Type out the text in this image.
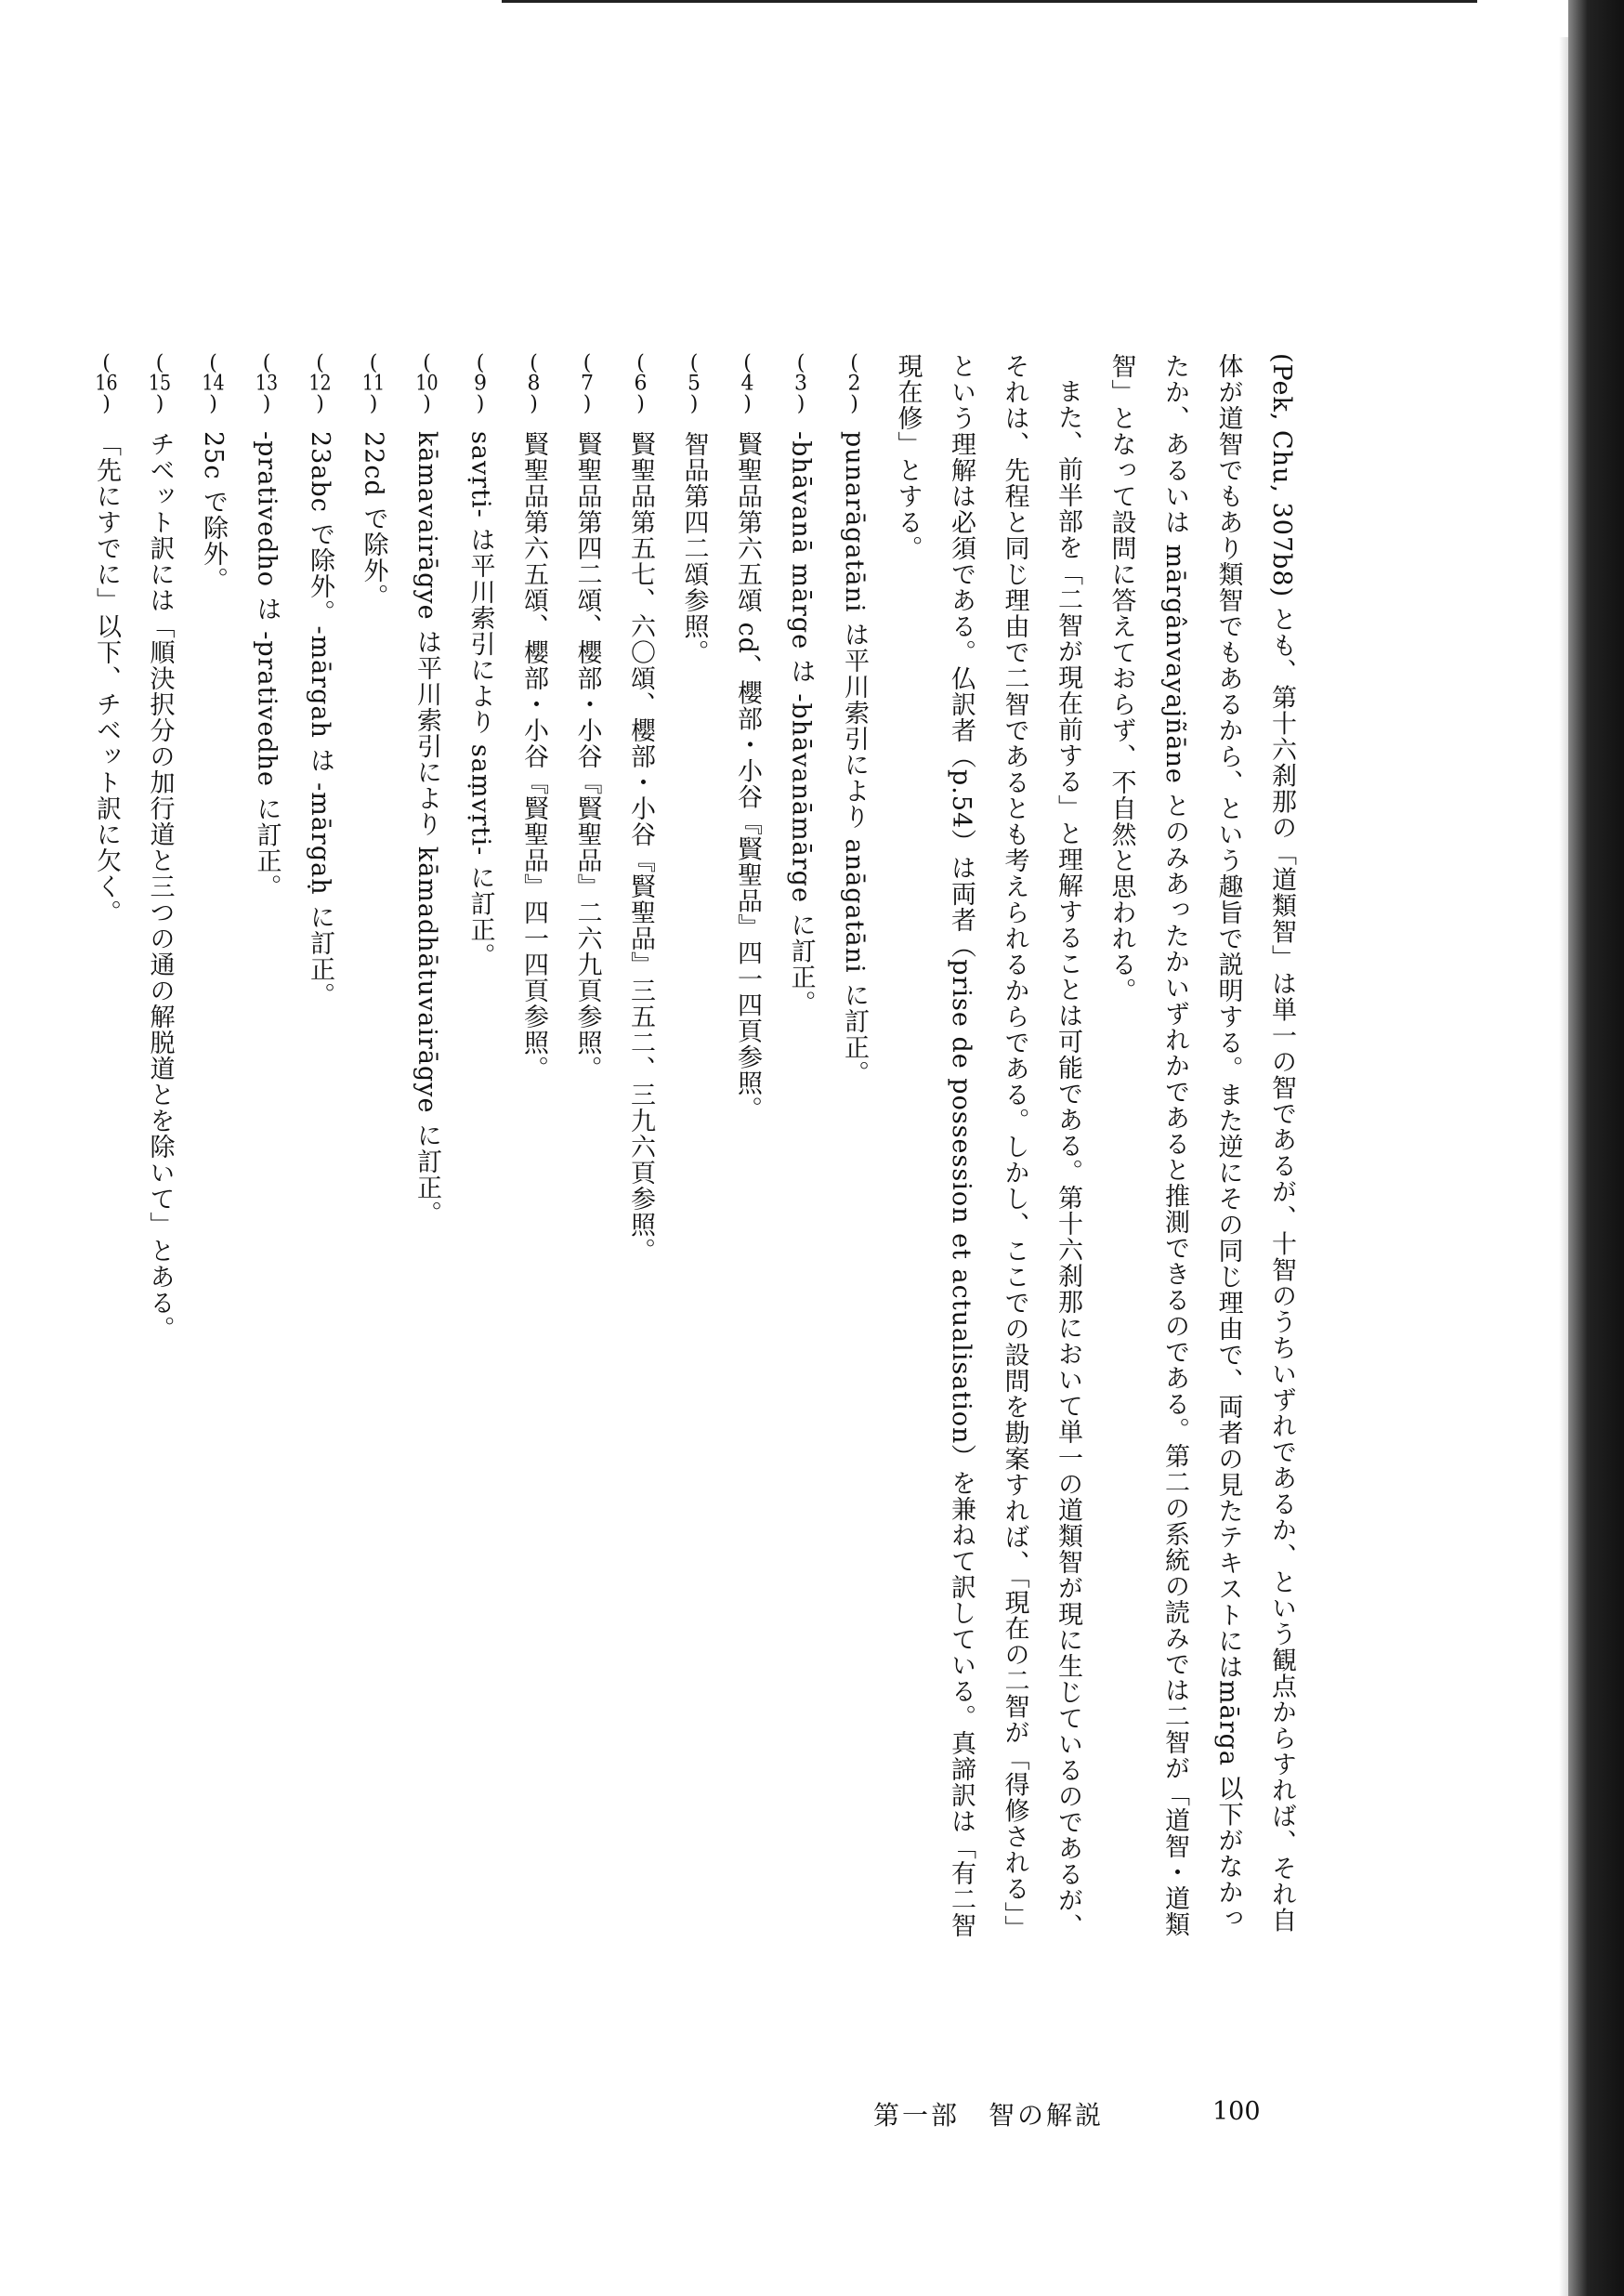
(Pek, Chu, 307b8) とも、第十六刹那の「道類智」は単一の智であるが、十智のうちいずれであるか、という観点からすれば、それ自体が道智でもあり類智でもあるから、という趣旨で説明する。また逆にその同じ理由で、両者の見たテキストにはmārga 以下がなかったか、あるいは mārgânvayajñāne とのみあったかいずれかであると推測できるのである。第二の系統の読みでは二智が「道智・道類智」となって設問に答えておらず、不自然と思われる。

また、前半部を「二智が現在前する」と理解することは可能である。第十六刹那において単一の道類智が現に生じているのであるが、それは、先程と同じ理由で二智であるとも考えられるからである。しかし、ここでの設問を勘案すれば、「現在の二智が「得修される」」という理解は必須である。仏訳者（p.54）は両者（prise de possession et actualisation）を兼ねて訳している。真諦訳は「有二智現在修」とする。

( 2 )punarāgatāni は平川索引により anāgatāni に訂正。

( 3 )-bhāvanā mārge は -bhāvanāmārge に訂正。

( 4 )賢聖品第六五頌 cd、櫻部・小谷『賢聖品』四一四頁参照。

( 5 )智品第四二頌参照。

( 6 )賢聖品第五七、六〇頌、櫻部・小谷『賢聖品』三五二、三九六頁参照。

( 7 )賢聖品第四二頌、櫻部・小谷『賢聖品』二六九頁参照。

( 8 )賢聖品第六五頌、櫻部・小谷『賢聖品』四一四頁参照。

( 9 )savṛti- は平川索引により saṃvṛti- に訂正。

( 10 )kāmavairāgye は平川索引により kāmadhātuvairāgye に訂正。

( 11 )22cd で除外。

( 12 )23abc で除外。-mārgah は -mārgaḥ に訂正。

( 13 )-prativedho は -prativedhe に訂正。

( 14 )25c で除外。

( 15 )チベット訳には「順決択分の加行道と三つの通の解脱道とを除いて」とある。

( 16 )「先にすでに」以下、チベット訳に欠く。

第一部　智の解説	100
